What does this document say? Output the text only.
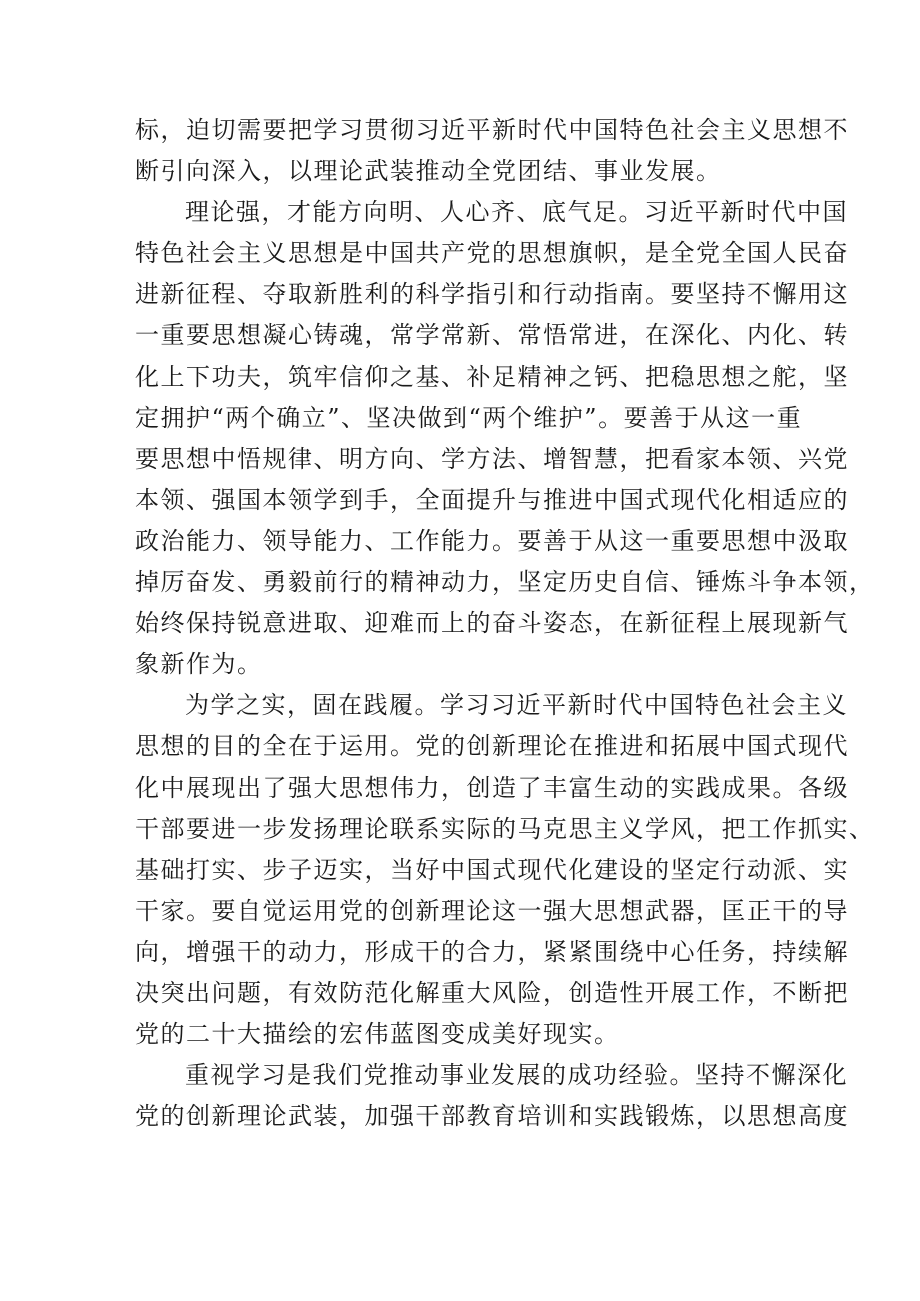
标，迫切需要把学习贯彻习近平新时代中国特色社会主义思想不
断引向深入，以理论武装推动全党团结、事业发展。
理论强，才能方向明、人心齐、底气足。习近平新时代中国
特色社会主义思想是中国共产党的思想旗帜，是全党全国人民奋
进新征程、夺取新胜利的科学指引和行动指南。要坚持不懈用这
一重要思想凝心铸魂，常学常新、常悟常进，在深化、内化、转
化上下功夫，筑牢信仰之基、补足精神之钙、把稳思想之舵，坚
定拥护“两个确立”、坚决做到“两个维护”。要善于从这一重
要思想中悟规律、明方向、学方法、增智慧，把看家本领、兴党
本领、强国本领学到手，全面提升与推进中国式现代化相适应的
政治能力、领导能力、工作能力。要善于从这一重要思想中汲取
掉厉奋发、勇毅前行的精神动力，坚定历史自信、锤炼斗争本领，
始终保持锐意进取、迎难而上的奋斗姿态，在新征程上展现新气
象新作为。
为学之实，固在践履。学习习近平新时代中国特色社会主义
思想的目的全在于运用。党的创新理论在推进和拓展中国式现代
化中展现出了强大思想伟力，创造了丰富生动的实践成果。各级
干部要进一步发扬理论联系实际的马克思主义学风，把工作抓实、
基础打实、步子迈实，当好中国式现代化建设的坚定行动派、实
干家。要自觉运用党的创新理论这一强大思想武器，匡正干的导
向，增强干的动力，形成干的合力，紧紧围绕中心任务，持续解
决突出问题，有效防范化解重大风险，创造性开展工作，不断把
党的二十大描绘的宏伟蓝图变成美好现实。
重视学习是我们党推动事业发展的成功经验。坚持不懈深化
党的创新理论武装，加强干部教育培训和实践锻炼，以思想高度
